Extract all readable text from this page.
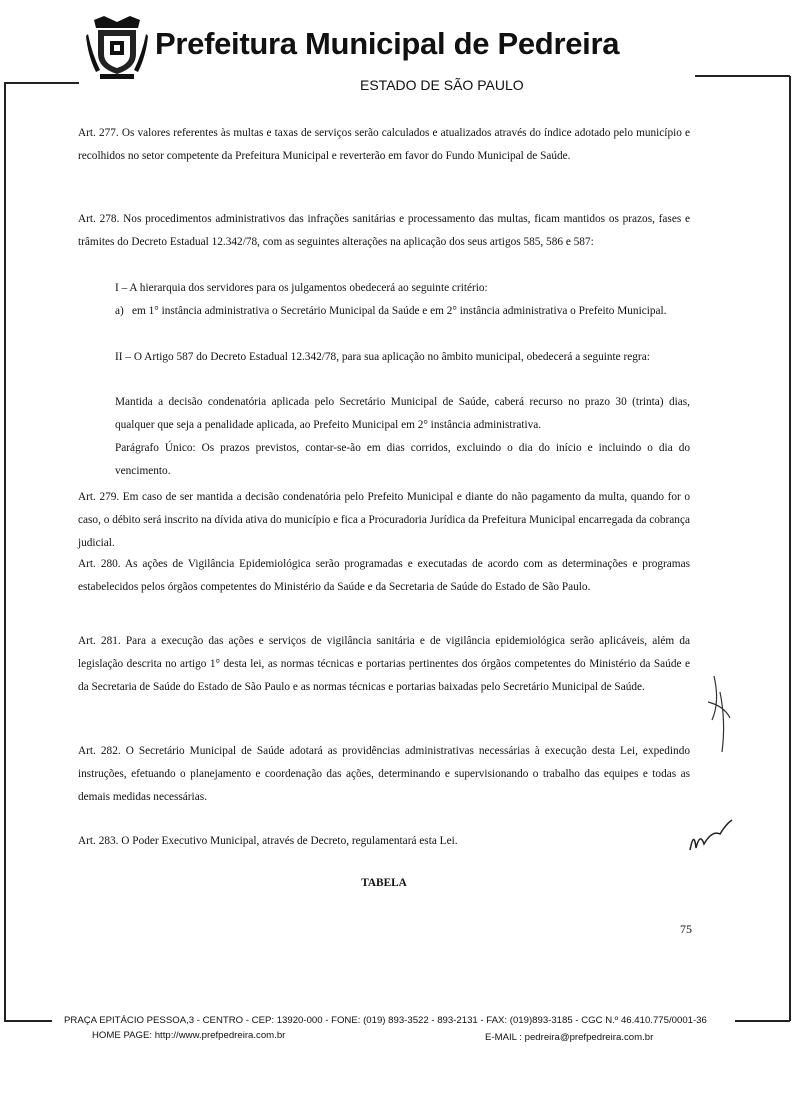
Prefeitura Municipal de Pedreira
ESTADO DE SÃO PAULO
Art. 277. Os valores referentes às multas e taxas de serviços serão calculados e atualizados através do índice adotado pelo município e recolhidos no setor competente da Prefeitura Municipal e reverterão em favor do Fundo Municipal de Saúde.
Art. 278. Nos procedimentos administrativos das infrações sanitárias e processamento das multas, ficam mantidos os prazos, fases e trâmites do Decreto Estadual 12.342/78, com as seguintes alterações na aplicação dos seus artigos 585, 586 e 587:
I – A hierarquia dos servidores para os julgamentos obedecerá ao seguinte critério:
a) em 1° instância administrativa o Secretário Municipal da Saúde e em 2° instância administrativa o Prefeito Municipal.
II – O Artigo 587 do Decreto Estadual 12.342/78, para sua aplicação no âmbito municipal, obedecerá a seguinte regra:
Mantida a decisão condenatória aplicada pelo Secretário Municipal de Saúde, caberá recurso no prazo 30 (trinta) dias, qualquer que seja a penalidade aplicada, ao Prefeito Municipal em 2° instância administrativa.
Parágrafo Único: Os prazos previstos, contar-se-ão em dias corridos, excluindo o dia do início e incluindo o dia do vencimento.
Art. 279. Em caso de ser mantida a decisão condenatória pelo Prefeito Municipal e diante do não pagamento da multa, quando for o caso, o débito será inscrito na dívida ativa do município e fica a Procuradoria Jurídica da Prefeitura Municipal encarregada da cobrança judicial.
Art. 280. As ações de Vigilância Epidemiológica serão programadas e executadas de acordo com as determinações e programas estabelecidos pelos órgãos competentes do Ministério da Saúde e da Secretaria de Saúde do Estado de São Paulo.
Art. 281. Para a execução das ações e serviços de vigilância sanitária e de vigilância epidemiológica serão aplicáveis, além da legislação descrita no artigo 1° desta lei, as normas técnicas e portarias pertinentes dos órgãos competentes do Ministério da Saúde e da Secretaria de Saúde do Estado de São Paulo e as normas técnicas e portarias baixadas pelo Secretário Municipal de Saúde.
Art. 282. O Secretário Municipal de Saúde adotará as providências administrativas necessárias à execução desta Lei, expedindo instruções, efetuando o planejamento e coordenação das ações, determinando e supervisionando o trabalho das equipes e todas as demais medidas necessárias.
Art. 283. O Poder Executivo Municipal, através de Decreto, regulamentará esta Lei.
TABELA
75
PRAÇA EPITÁCIO PESSOA,3 - CENTRO - CEP: 13920-000 - FONE: (019) 893-3522 - 893-2131 - FAX: (019)893-3185 - CGC N.º 46.410.775/0001-36
HOME PAGE: http://www.prefpedreira.com.br	E-MAIL : pedreira@prefpedreira.com.br
